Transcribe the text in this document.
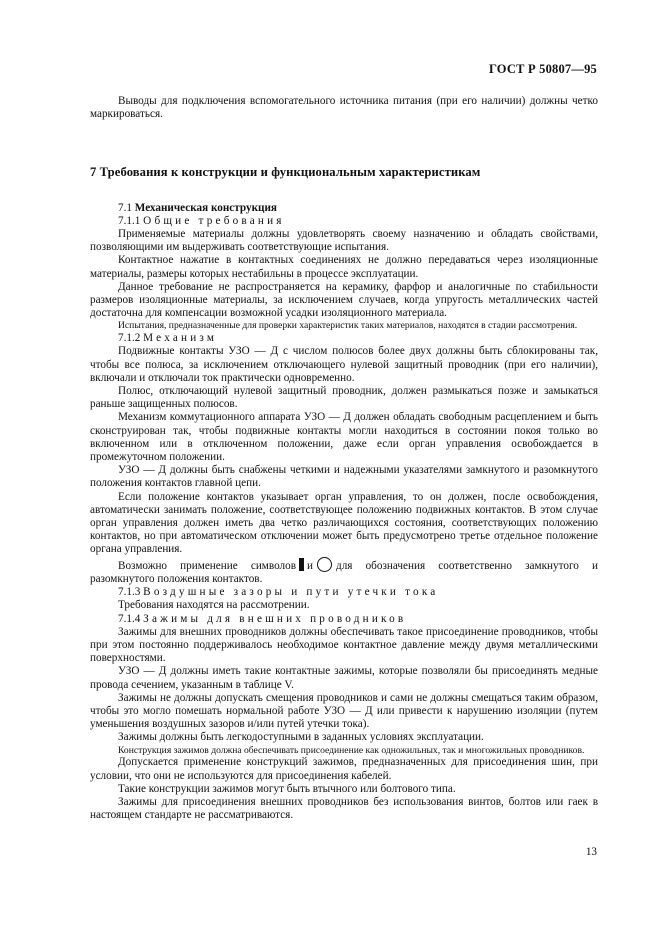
ГОСТ Р 50807—95

Выводы для подключения вспомогательного источника питания (при его наличии) должны четко маркироваться.

7 Требования к конструкции и функциональным характеристикам

7.1 Механическая конструкция

7.1.1 Общие требования

Применяемые материалы должны удовлетворять своему назначению и обладать свойствами, позволяющими им выдерживать соответствующие испытания.

Контактное нажатие в контактных соединениях не должно передаваться через изоляционные материалы, размеры которых нестабильны в процессе эксплуатации.

Данное требование не распространяется на керамику, фарфор и аналогичные по стабильности размеров изоляционные материалы, за исключением случаев, когда упругость металлических частей достаточна для компенсации возможной усадки изоляционного материала.

Испытания, предназначенные для проверки характеристик таких материалов, находятся в стадии рассмотрения.

7.1.2 Механизм

Подвижные контакты УЗО — Д с числом полюсов более двух должны быть сблокированы так, чтобы все полюса, за исключением отключающего нулевой защитный проводник (при его наличии), включали и отключали ток практически одновременно.

Полюс, отключающий нулевой защитный проводник, должен размыкаться позже и замыкаться раньше защищенных полюсов.

Механизм коммутационного аппарата УЗО — Д должен обладать свободным расцеплением и быть сконструирован так, чтобы подвижные контакты могли находиться в состоянии покоя только во включенном или в отключенном положении, даже если орган управления освобождается в промежуточном положении.

УЗО — Д должны быть снабжены четкими и надежными указателями замкнутого и разомкнутого положения контактов главной цепи.

Если положение контактов указывает орган управления, то он должен, после освобождения, автоматически занимать положение, соответствующее положению подвижных контактов. В этом случае орган управления должен иметь два четко различающихся состояния, соответствующих положению контактов, но при автоматическом отключении может быть предусмотрено третье отдельное положение органа управления.

Возможно применение символов и для обозначения соответственно замкнутого и разомкнутого положения контактов.

7.1.3 Воздушные зазоры и пути утечки тока

Требования находятся на рассмотрении.

7.1.4 Зажимы для внешних проводников

Зажимы для внешних проводников должны обеспечивать такое присоединение проводников, чтобы при этом постоянно поддерживалось необходимое контактное давление между двумя металлическими поверхностями.

УЗО — Д должны иметь такие контактные зажимы, которые позволяли бы присоединять медные провода сечением, указанным в таблице V.

Зажимы не должны допускать смещения проводников и сами не должны смещаться таким образом, чтобы это могло помешать нормальной работе УЗО — Д или привести к нарушению изоляции (путем уменьшения воздушных зазоров и/или путей утечки тока).

Зажимы должны быть легкодоступными в заданных условиях эксплуатации.

Конструкция зажимов должна обеспечивать присоединение как одножильных, так и многожильных проводников.

Допускается применение конструкций зажимов, предназначенных для присоединения шин, при условии, что они не используются для присоединения кабелей.

Такие конструкции зажимов могут быть втычного или болтового типа.

Зажимы для присоединения внешних проводников без использования винтов, болтов или гаек в настоящем стандарте не рассматриваются.

13
